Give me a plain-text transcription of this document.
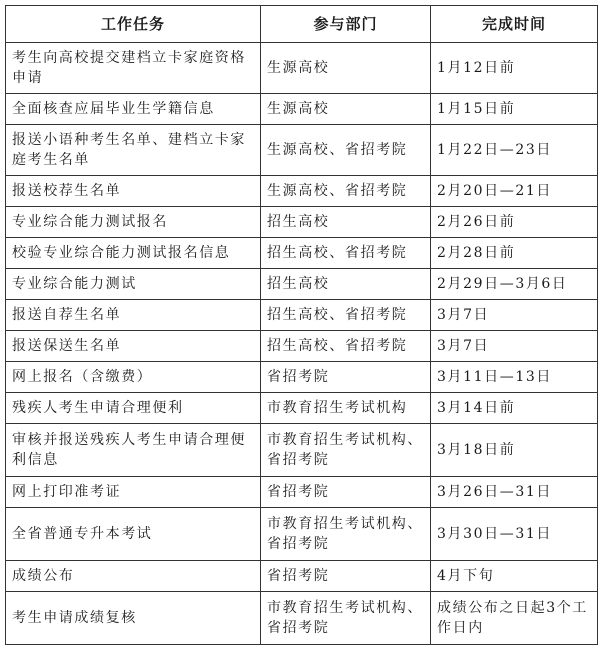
工作任务	参与部门	完成时间
考生向高校提交建档立卡家庭资格申请	生源高校	1月12日前
全面核查应届毕业生学籍信息	生源高校	1月15日前
报送小语种考生名单、建档立卡家庭考生名单	生源高校、省招考院	1月22日—23日
报送校荐生名单	生源高校、省招考院	2月20日—21日
专业综合能力测试报名	招生高校	2月26日前
校验专业综合能力测试报名信息	招生高校、省招考院	2月28日前
专业综合能力测试	招生高校	2月29日—3月6日
报送自荐生名单	招生高校、省招考院	3月7日
报送保送生名单	招生高校、省招考院	3月7日
网上报名（含缴费）	省招考院	3月11日—13日
残疾人考生申请合理便利	市教育招生考试机构	3月14日前
审核并报送残疾人考生申请合理便利信息	市教育招生考试机构、省招考院	3月18日前
网上打印准考证	省招考院	3月26日—31日
全省普通专升本考试	市教育招生考试机构、省招考院	3月30日—31日
成绩公布	省招考院	4月下旬
考生申请成绩复核	市教育招生考试机构、省招考院	成绩公布之日起3个工作日内
